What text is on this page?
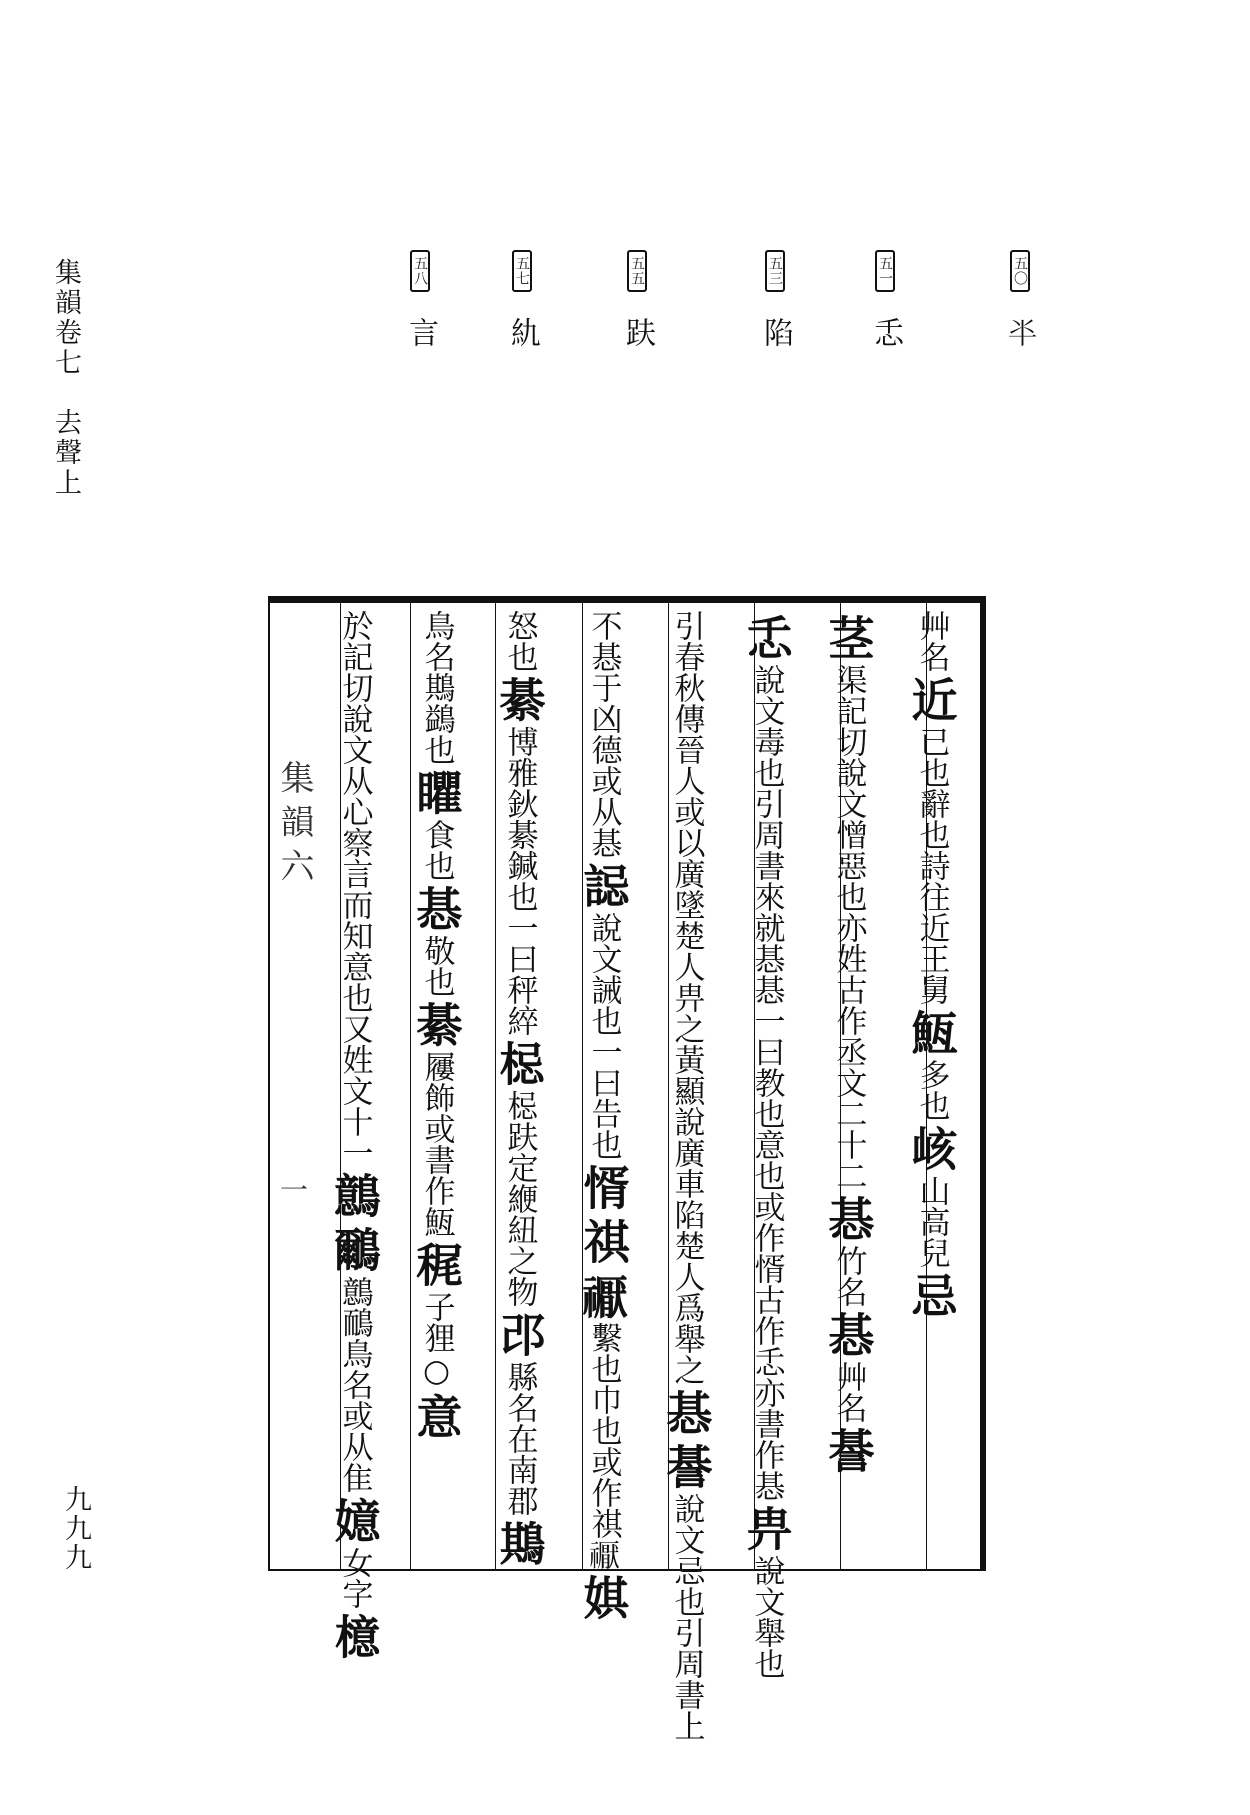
集韻卷七　去聲上
九九九
五〇 𠦂
五一 忎
五三 陷
五五 趺
五七 䊵
五八 言
集韻六
一
艸名近已也辭也詩往近王舅䱍多也峐山高兒忌
茎渠記切說文憎惡也亦姓古作丞文二十二惎竹名惎艸名諅
忎說文毒也引周書來就惎惎一曰教也意也或作㥠古作忎亦書作惎畁說文舉也
引春秋傳晉人或以廣墜楚人畁之黃顯說廣車陷楚人爲舉之惎諅說文忌也引周書上
不惎于凶德或从惎誋說文誡也一曰告也㥠祺𥜒繫也巾也或作祺𥜒娸
怒也綦博雅鈥綦鍼也一曰秤綷梞梞趺定緶紐之物邔縣名在南郡䳢
鳥名䳢鷁也䂂食也惎敬也綦屨飾或書作䱍䅏子狸○意
於記切說文从心察言而知意也又姓文十一鷾鸍鷾鴯鳥名或从隹嬑女字檍
